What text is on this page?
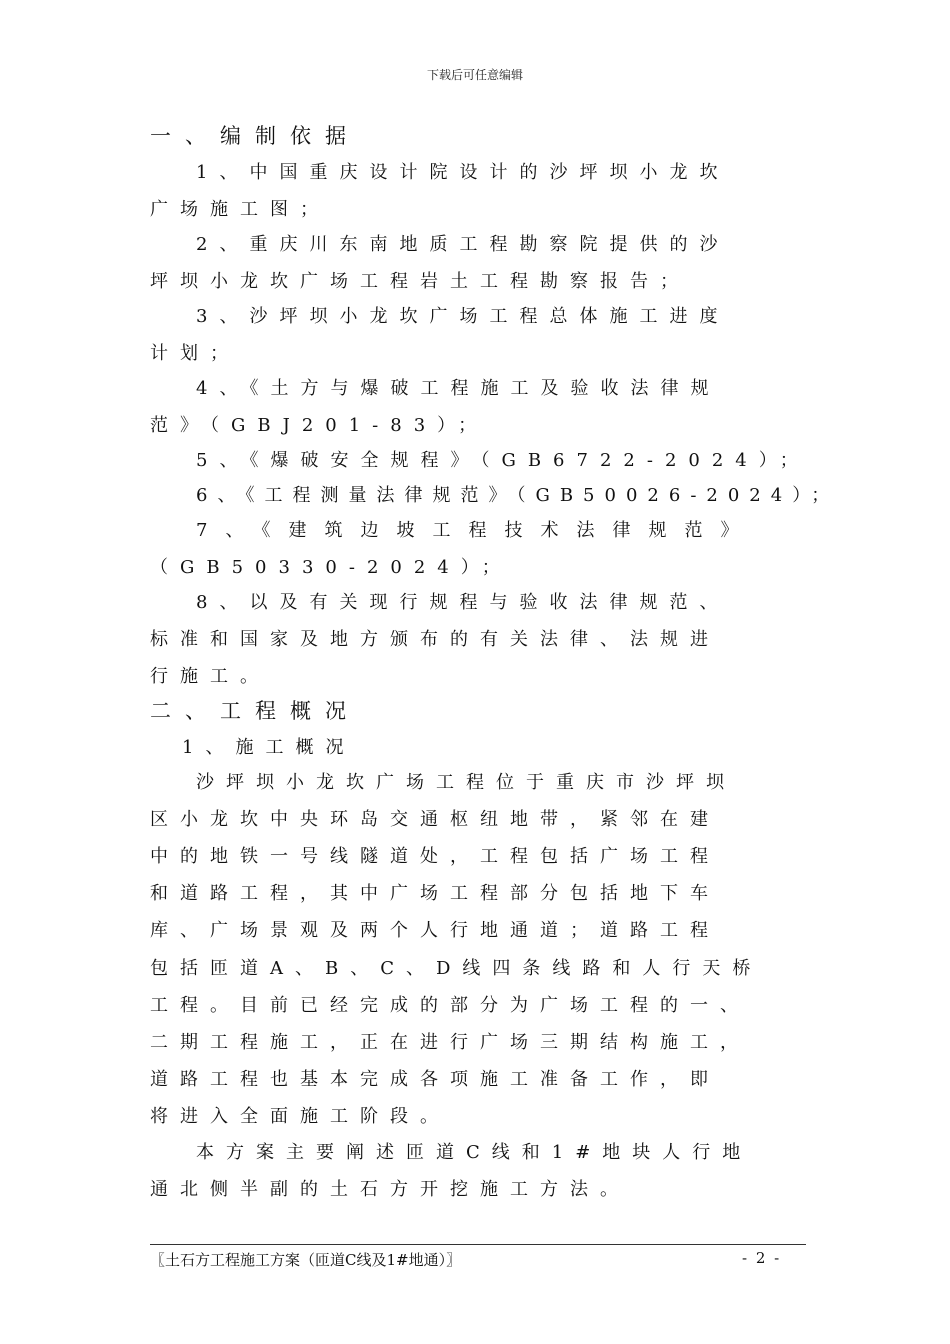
下载后可任意编辑
一、编制依据
1、中国重庆设计院设计的沙坪坝小龙坎
广场施工图；
2、重庆川东南地质工程勘察院提供的沙
坪坝小龙坎广场工程岩土工程勘察报告；
3、沙坪坝小龙坎广场工程总体施工进度
计划；
4、《土方与爆破工程施工及验收法律规
范》（GBJ201-83）；
5、《爆破安全规程》（GB6722-2024）；
6、《工程测量法律规范》（GB50026-2024）；
7、《建筑边坡工程技术法律规范》
（GB50330-2024）；
8、以及有关现行规程与验收法律规范、
标准和国家及地方颁布的有关法律、法规进
行施工。
二、工程概况
1、施工概况
沙坪坝小龙坎广场工程位于重庆市沙坪坝
区小龙坎中央环岛交通枢纽地带，紧邻在建
中的地铁一号线隧道处，工程包括广场工程
和道路工程，其中广场工程部分包括地下车
库、广场景观及两个人行地通道；道路工程
包括匝道A、B、C、D线四条线路和人行天桥
工程。目前已经完成的部分为广场工程的一、
二期工程施工，正在进行广场三期结构施工，
道路工程也基本完成各项施工准备工作，即
将进入全面施工阶段。
本方案主要阐述匝道C线和1#地块人行地
通北侧半副的土石方开挖施工方法。
〖土石方工程施工方案（匝道C线及1#地通）〗	- 2 -
